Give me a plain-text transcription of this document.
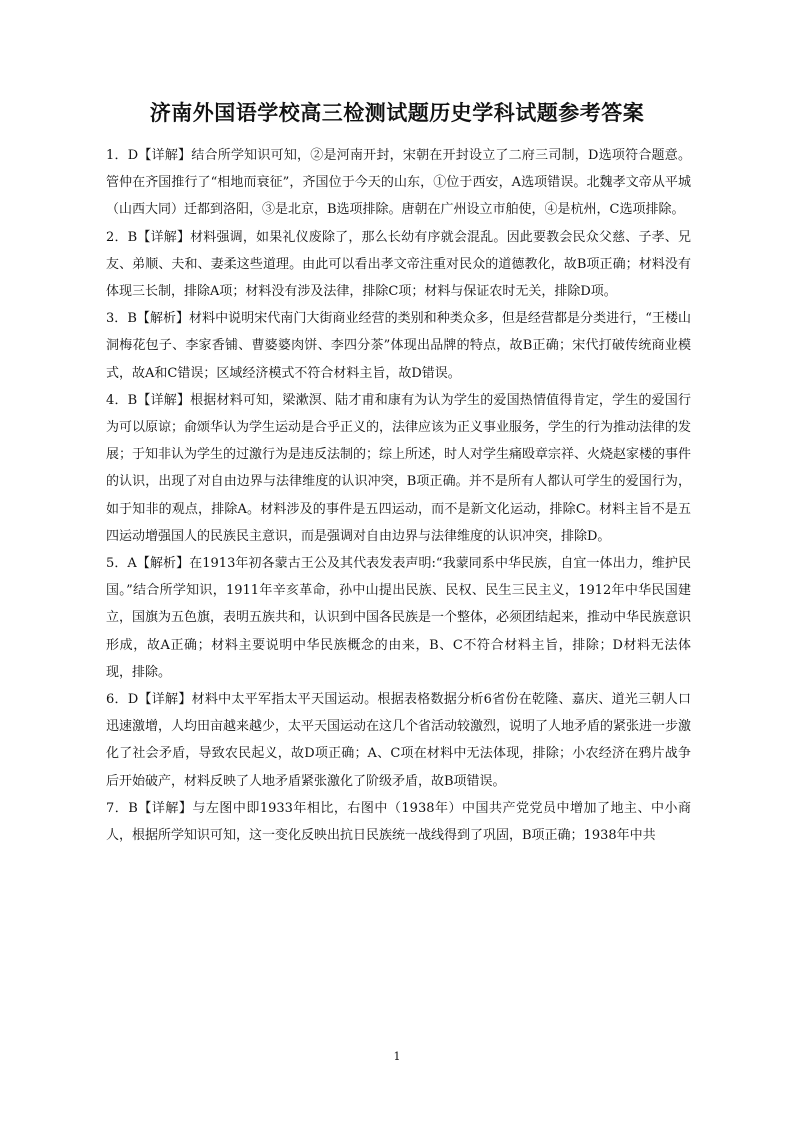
济南外国语学校高三检测试题历史学科试题参考答案

1．D【详解】结合所学知识可知，②是河南开封，宋朝在开封设立了二府三司制，D选项符合题意。管仲在齐国推行了“相地而衰征”，齐国位于今天的山东，①位于西安，A选项错误。北魏孝文帝从平城（山西大同）迁都到洛阳，③是北京，B选项排除。唐朝在广州设立市舶使，④是杭州，C选项排除。

2．B【详解】材料强调，如果礼仪废除了，那么长幼有序就会混乱。因此要教会民众父慈、子孝、兄友、弟顺、夫和、妻柔这些道理。由此可以看出孝文帝注重对民众的道德教化，故B项正确；材料没有体现三长制，排除A项；材料没有涉及法律，排除C项；材料与保证农时无关，排除D项。

3．B【解析】材料中说明宋代南门大街商业经营的类别和种类众多，但是经营都是分类进行，“王楼山洞梅花包子、李家香铺、曹婆婆肉饼、李四分茶”体现出品牌的特点，故B正确；宋代打破传统商业模式，故A和C错误；区域经济模式不符合材料主旨，故D错误。

4．B【详解】根据材料可知，梁漱溟、陆才甫和康有为认为学生的爱国热情值得肯定，学生的爱国行为可以原谅；俞颂华认为学生运动是合乎正义的，法律应该为正义事业服务，学生的行为推动法律的发展；于知非认为学生的过激行为是违反法制的；综上所述，时人对学生痛殴章宗祥、火烧赵家楼的事件的认识，出现了对自由边界与法律维度的认识冲突，B项正确。并不是所有人都认可学生的爱国行为，如于知非的观点，排除A。材料涉及的事件是五四运动，而不是新文化运动，排除C。材料主旨不是五四运动增强国人的民族民主意识，而是强调对自由边界与法律维度的认识冲突，排除D。

5．A【解析】在1913年初各蒙古王公及其代表发表声明:“我蒙同系中华民族，自宜一体出力，维护民国。”结合所学知识，1911年辛亥革命，孙中山提出民族、民权、民生三民主义，1912年中华民国建立，国旗为五色旗，表明五族共和，认识到中国各民族是一个整体，必须团结起来，推动中华民族意识形成，故A正确；材料主要说明中华民族概念的由来，B、C不符合材料主旨，排除；D材料无法体现，排除。

6．D【详解】材料中太平军指太平天国运动。根据表格数据分析6省份在乾隆、嘉庆、道光三朝人口迅速激增，人均田亩越来越少，太平天国运动在这几个省活动较激烈，说明了人地矛盾的紧张进一步激化了社会矛盾，导致农民起义，故D项正确；A、C项在材料中无法体现，排除；小农经济在鸦片战争后开始破产，材料反映了人地矛盾紧张激化了阶级矛盾，故B项错误。

7．B【详解】与左图中即1933年相比，右图中（1938年）中国共产党党员中增加了地主、中小商人，根据所学知识可知，这一变化反映出抗日民族统一战线得到了巩固，B项正确；1938年中共

1
